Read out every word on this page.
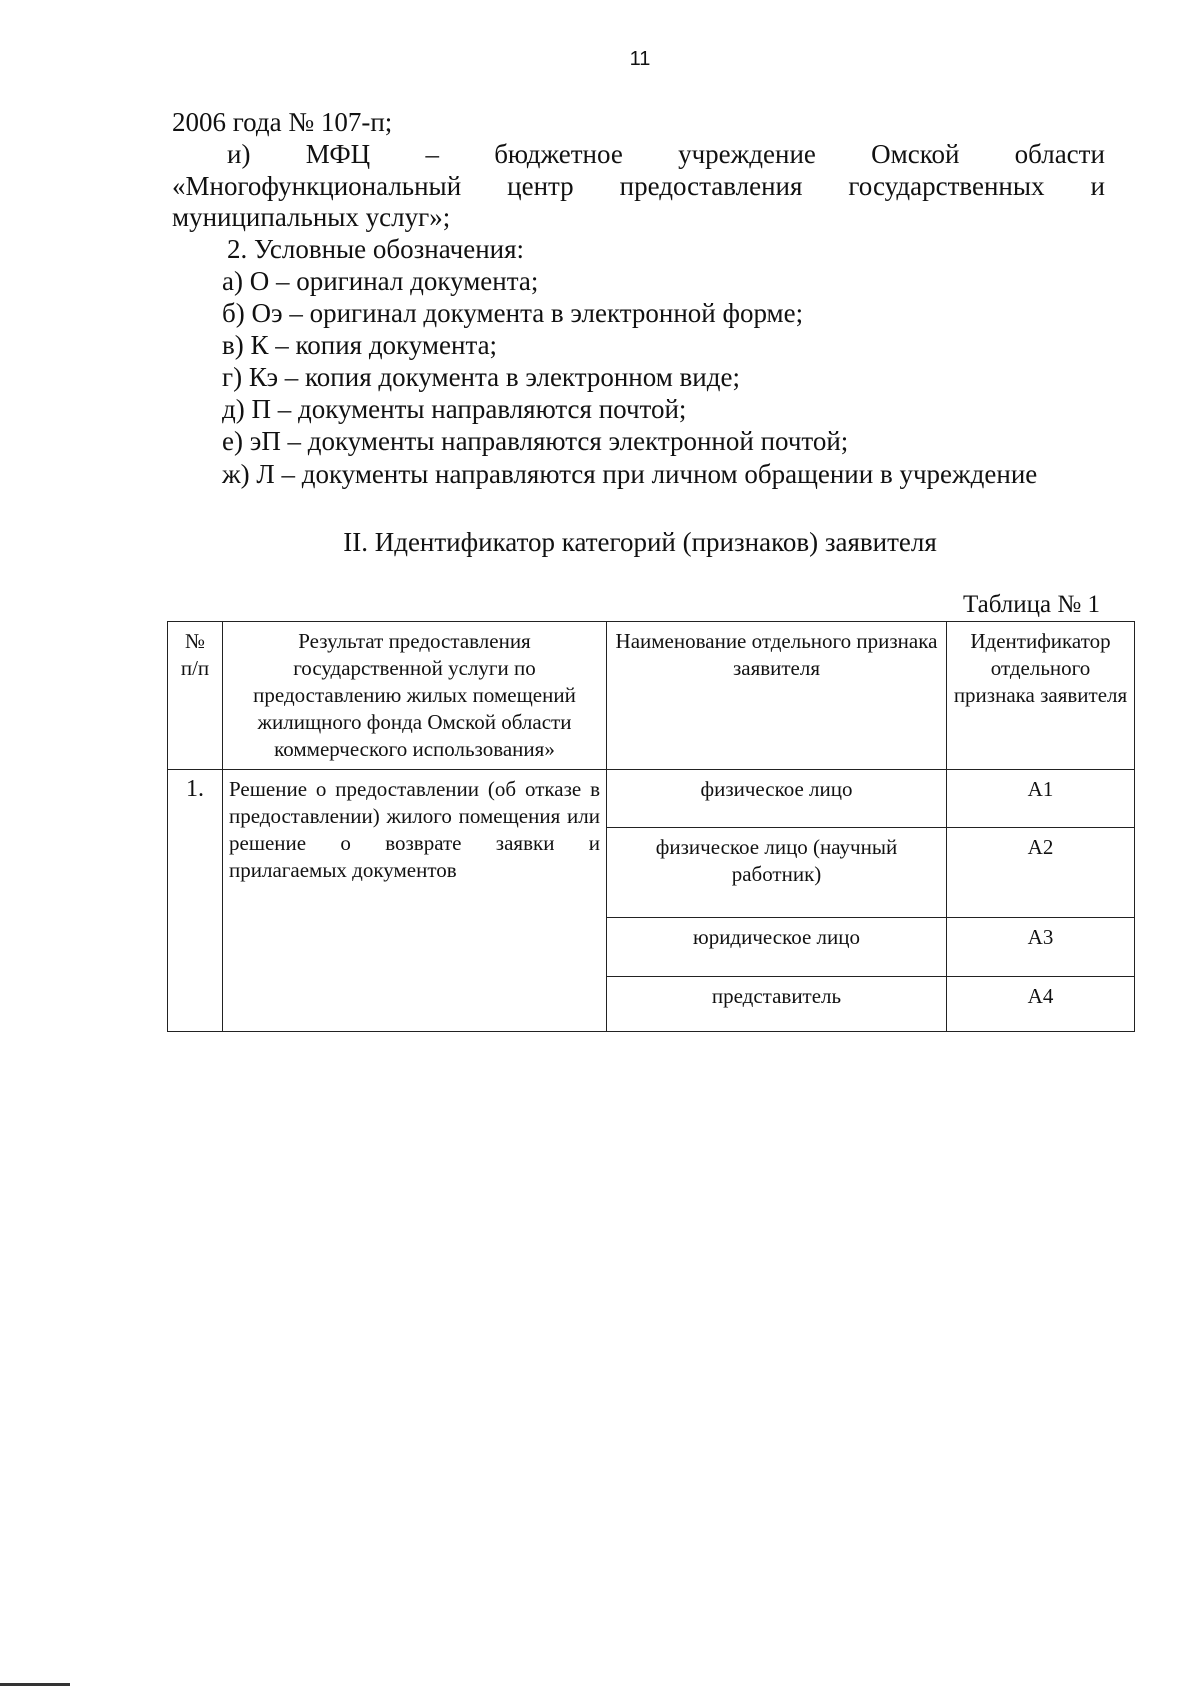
11
2006 года № 107-п;
и) МФЦ – бюджетное учреждение Омской области
«Многофункциональный центр предоставления государственных и
муниципальных услуг»;
2. Условные обозначения:
а) О – оригинал документа;
б) Оэ – оригинал документа в электронной форме;
в) К – копия документа;
г) Кэ – копия документа в электронном виде;
д) П – документы направляются почтой;
е) эП – документы направляются электронной почтой;
ж) Л – документы направляются при личном обращении в учреждение
II. Идентификатор категорий (признаков) заявителя
Таблица № 1
№ п/п	Результат предоставления государственной услуги по предоставлению жилых помещений жилищного фонда Омской области коммерческого использования»	Наименование отдельного признака заявителя	Идентификатор отдельного признака заявителя
1.	Решение о предоставлении (об отказе в предоставлении) жилого помещения или решение о возврате заявки и прилагаемых документов	физическое лицо	А1
		физическое лицо (научный работник)	А2
		юридическое лицо	А3
		представитель	А4
